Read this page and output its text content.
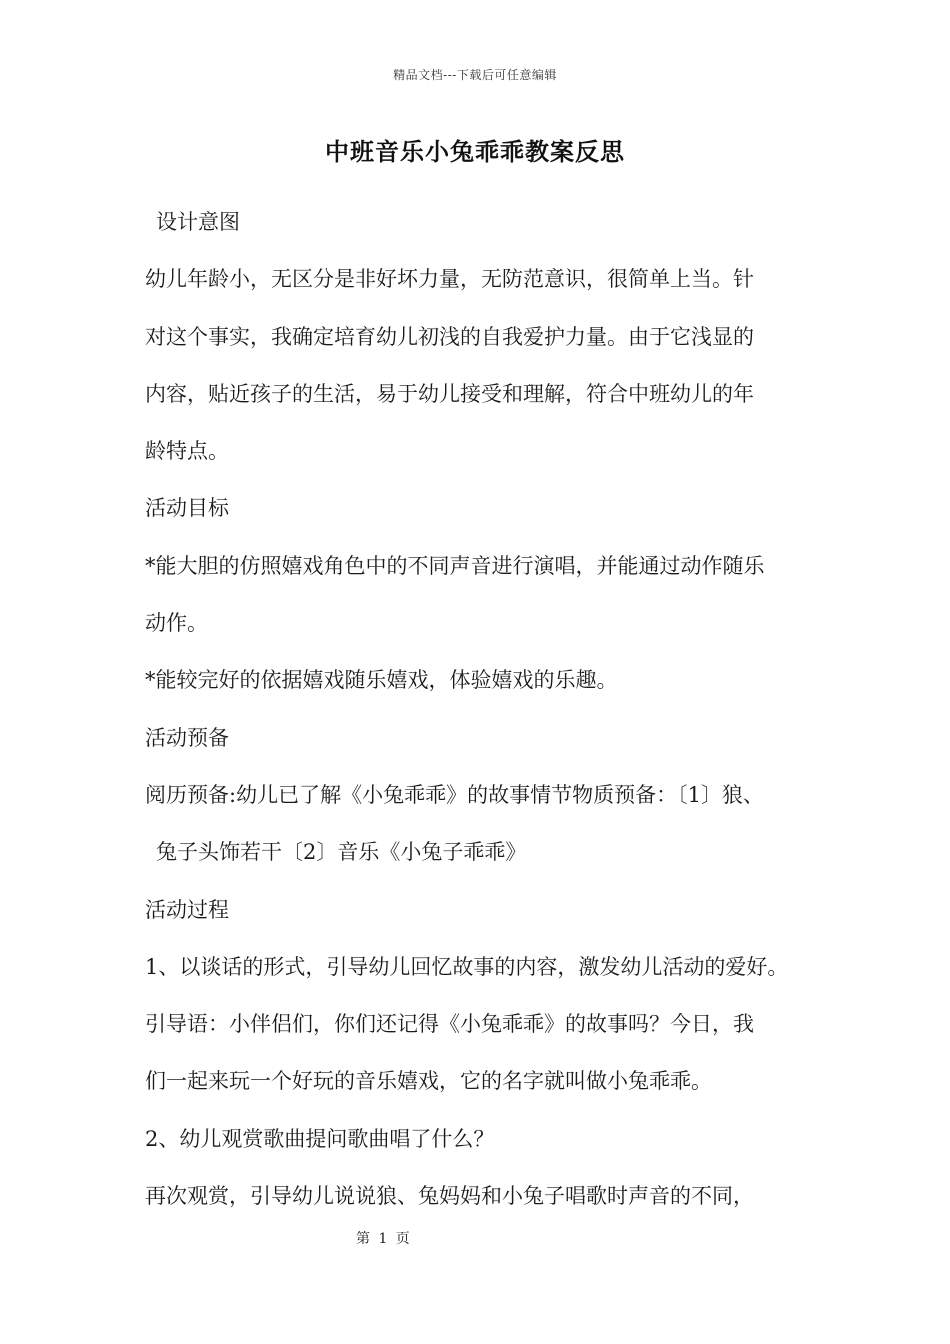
精品文档---下载后可任意编辑
中班音乐小兔乖乖教案反思
设计意图
幼儿年龄小，无区分是非好坏力量，无防范意识，很简单上当。针
对这个事实，我确定培育幼儿初浅的自我爱护力量。由于它浅显的
内容，贴近孩子的生活，易于幼儿接受和理解，符合中班幼儿的年
龄特点。
活动目标
*能大胆的仿照嬉戏角色中的不同声音进行演唱，并能通过动作随乐
动作。
*能较完好的依据嬉戏随乐嬉戏，体验嬉戏的乐趣。
活动预备
阅历预备:幼儿已了解《小兔乖乖》的故事情节物质预备：〔1〕狼、
兔子头饰若干〔2〕音乐《小兔子乖乖》
活动过程
1、以谈话的形式，引导幼儿回忆故事的内容，激发幼儿活动的爱好。
引导语：小伴侣们，你们还记得《小兔乖乖》的故事吗？今日，我
们一起来玩一个好玩的音乐嬉戏，它的名字就叫做小兔乖乖。
2、幼儿观赏歌曲提问歌曲唱了什么？
再次观赏，引导幼儿说说狼、兔妈妈和小兔子唱歌时声音的不同，
第 1 页
